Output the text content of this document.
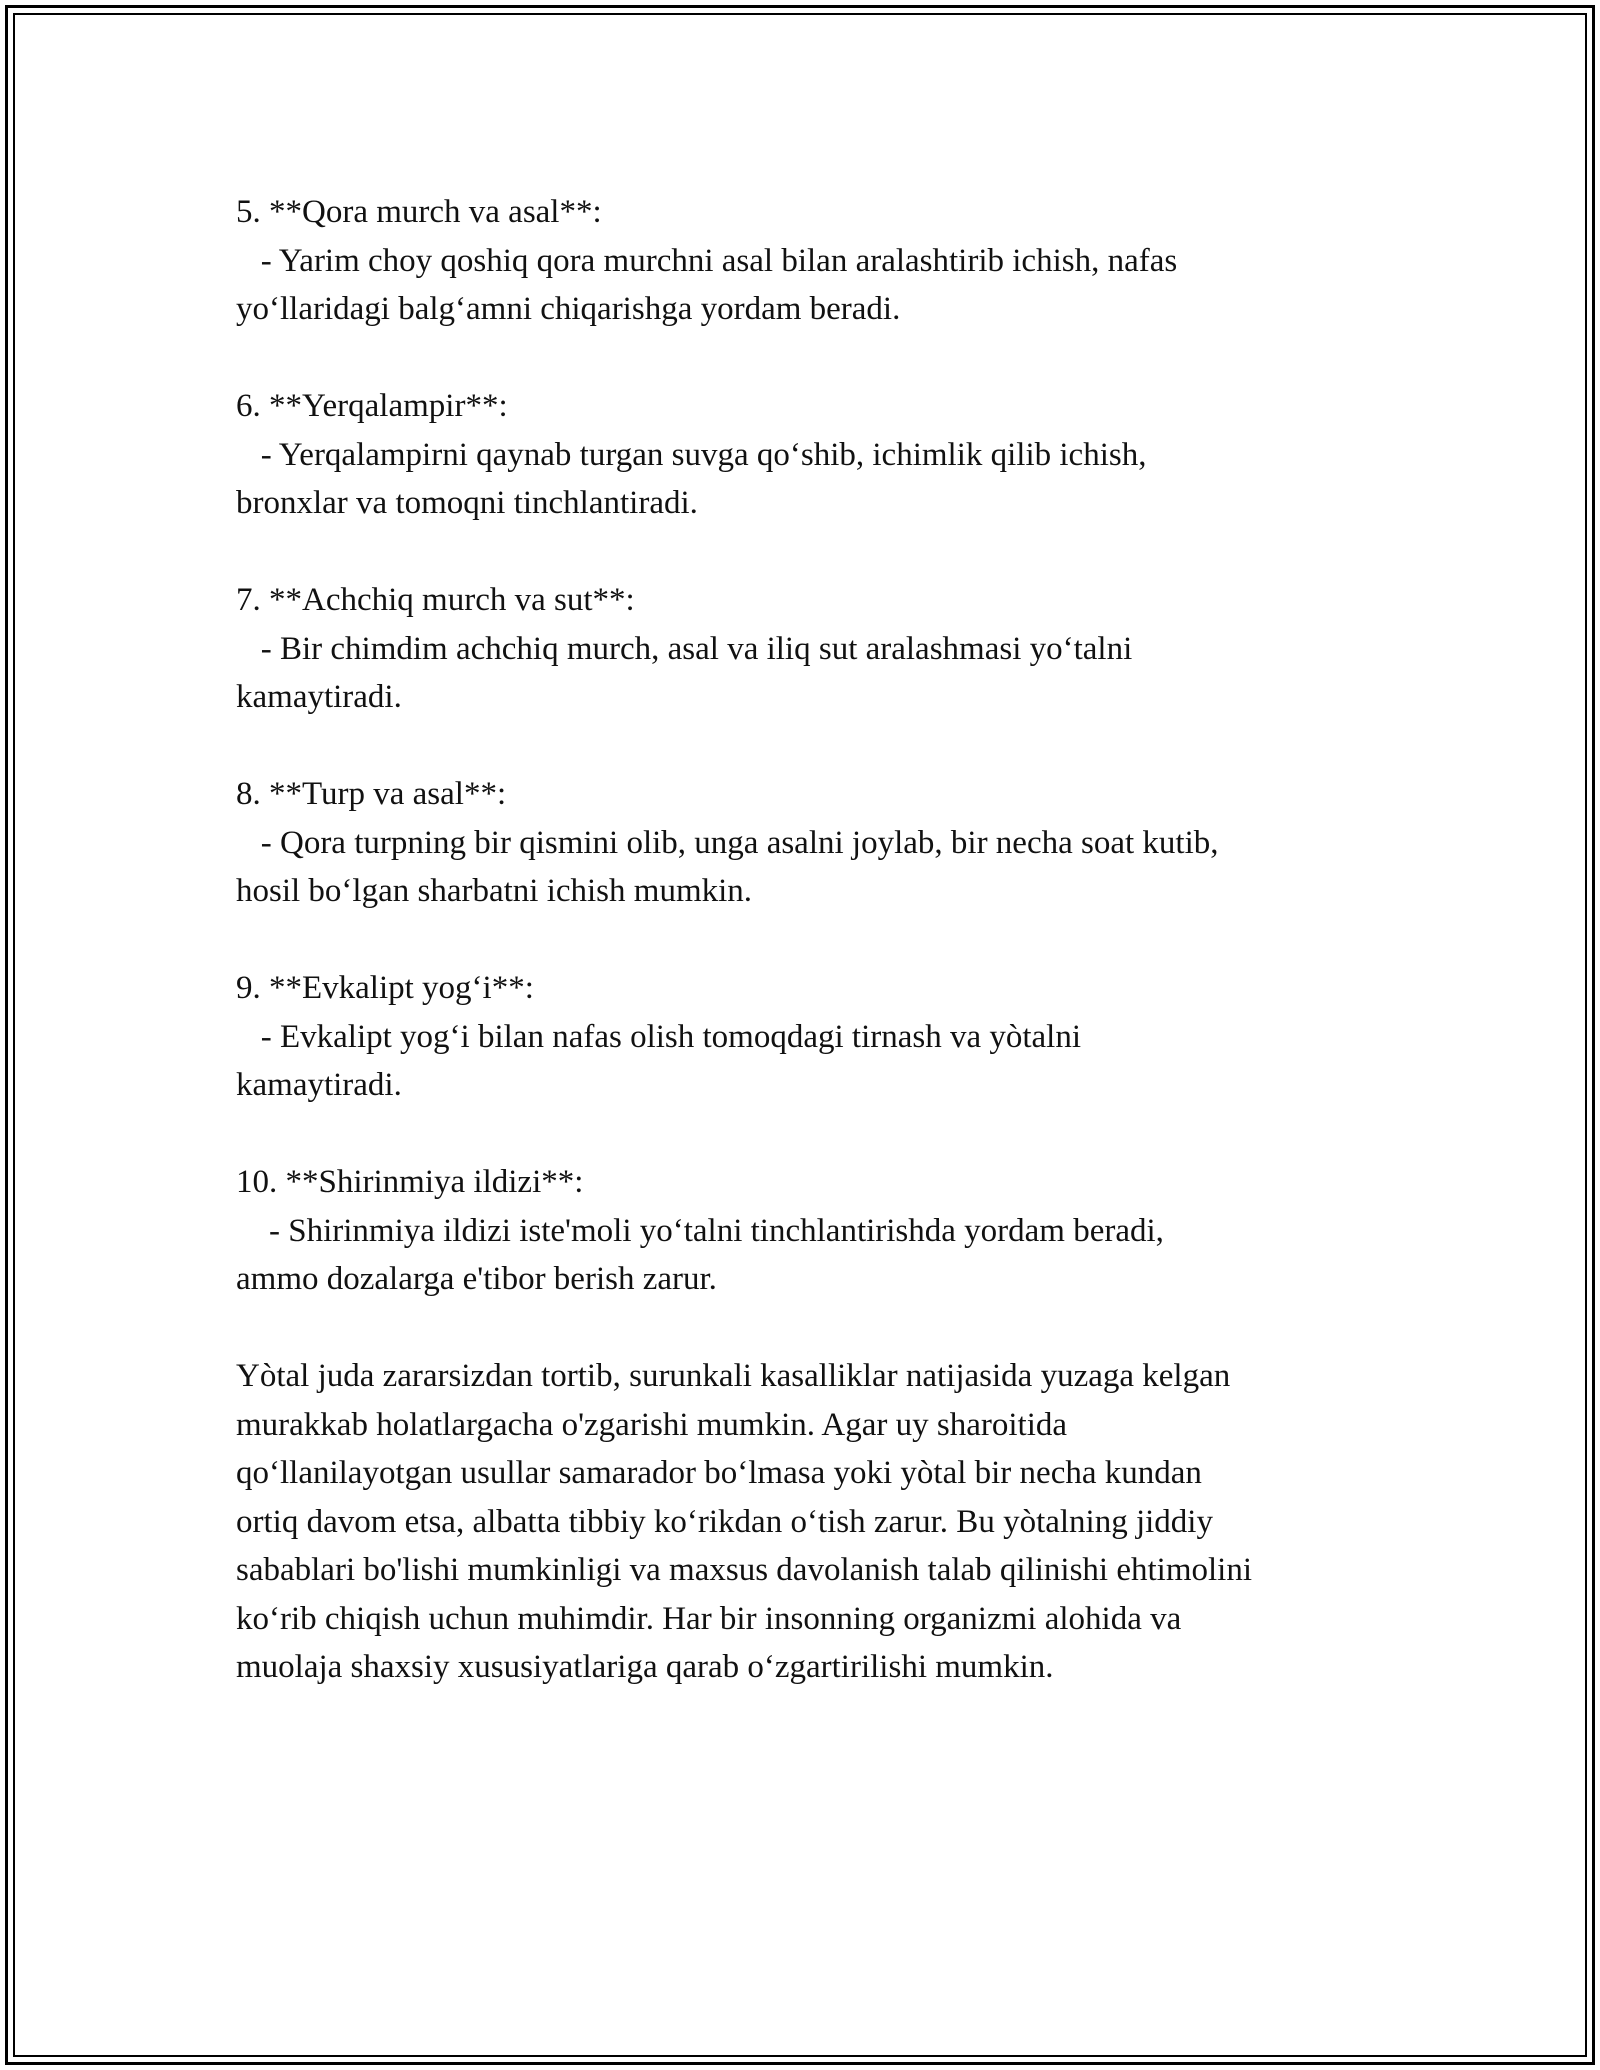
5. **Qora murch va asal**:
- Yarim choy qoshiq qora murchni asal bilan aralashtirib ichish, nafas
yo‘llaridagi balg‘amni chiqarishga yordam beradi.
6. **Yerqalampir**:
- Yerqalampirni qaynab turgan suvga qo‘shib, ichimlik qilib ichish,
bronxlar va tomoqni tinchlantiradi.
7. **Achchiq murch va sut**:
- Bir chimdim achchiq murch, asal va iliq sut aralashmasi yo‘talni
kamaytiradi.
8. **Turp va asal**:
- Qora turpning bir qismini olib, unga asalni joylab, bir necha soat kutib,
hosil bo‘lgan sharbatni ichish mumkin.
9. **Evkalipt yog‘i**:
- Evkalipt yog‘i bilan nafas olish tomoqdagi tirnash va yòtalni
kamaytiradi.
10. **Shirinmiya ildizi**:
- Shirinmiya ildizi iste'moli yo‘talni tinchlantirishda yordam beradi,
ammo dozalarga e'tibor berish zarur.
Yòtal juda zararsizdan tortib, surunkali kasalliklar natijasida yuzaga kelgan
murakkab holatlargacha o'zgarishi mumkin. Agar uy sharoitida
qo‘llanilayotgan usullar samarador bo‘lmasa yoki yòtal bir necha kundan
ortiq davom etsa, albatta tibbiy ko‘rikdan o‘tish zarur. Bu yòtalning jiddiy
sabablari bo'lishi mumkinligi va maxsus davolanish talab qilinishi ehtimolini
ko‘rib chiqish uchun muhimdir. Har bir insonning organizmi alohida va
muolaja shaxsiy xususiyatlariga qarab o‘zgartirilishi mumkin.
